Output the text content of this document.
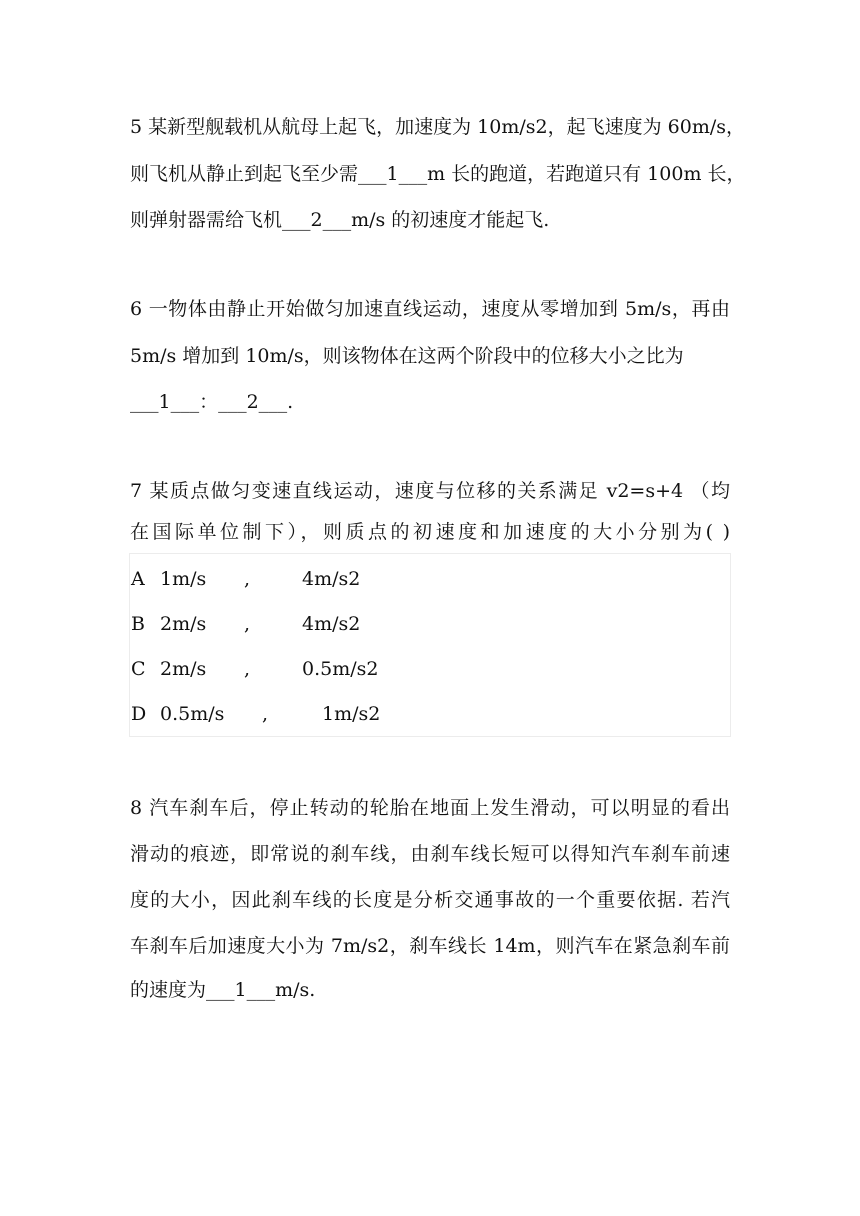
5 某新型舰载机从航母上起飞，加速度为 10m/s2，起飞速度为 60m/s，
则飞机从静止到起飞至少需___1___m 长的跑道，若跑道只有 100m 长，
则弹射器需给飞机___2___m/s 的初速度才能起飞.
6 一物体由静止开始做匀加速直线运动，速度从零增加到 5m/s，再由
5m/s 增加到 10m/s，则该物体在这两个阶段中的位移大小之比为
___1___：___2___.
7 某质点做匀变速直线运动，速度与位移的关系满足 v2=s+4 （均
在国际单位制下），则质点的初速度和加速度的大小分别为( )
A 1m/s ,	4m/s2
B 2m/s ,	4m/s2
C 2m/s ,	0.5m/s2
D 0.5m/s ,	1m/s2
8 汽车刹车后，停止转动的轮胎在地面上发生滑动，可以明显的看出
滑动的痕迹，即常说的刹车线，由刹车线长短可以得知汽车刹车前速
度的大小，因此刹车线的长度是分析交通事故的一个重要依据. 若汽
车刹车后加速度大小为 7m/s2，刹车线长 14m，则汽车在紧急刹车前
的速度为___1___m/s.
